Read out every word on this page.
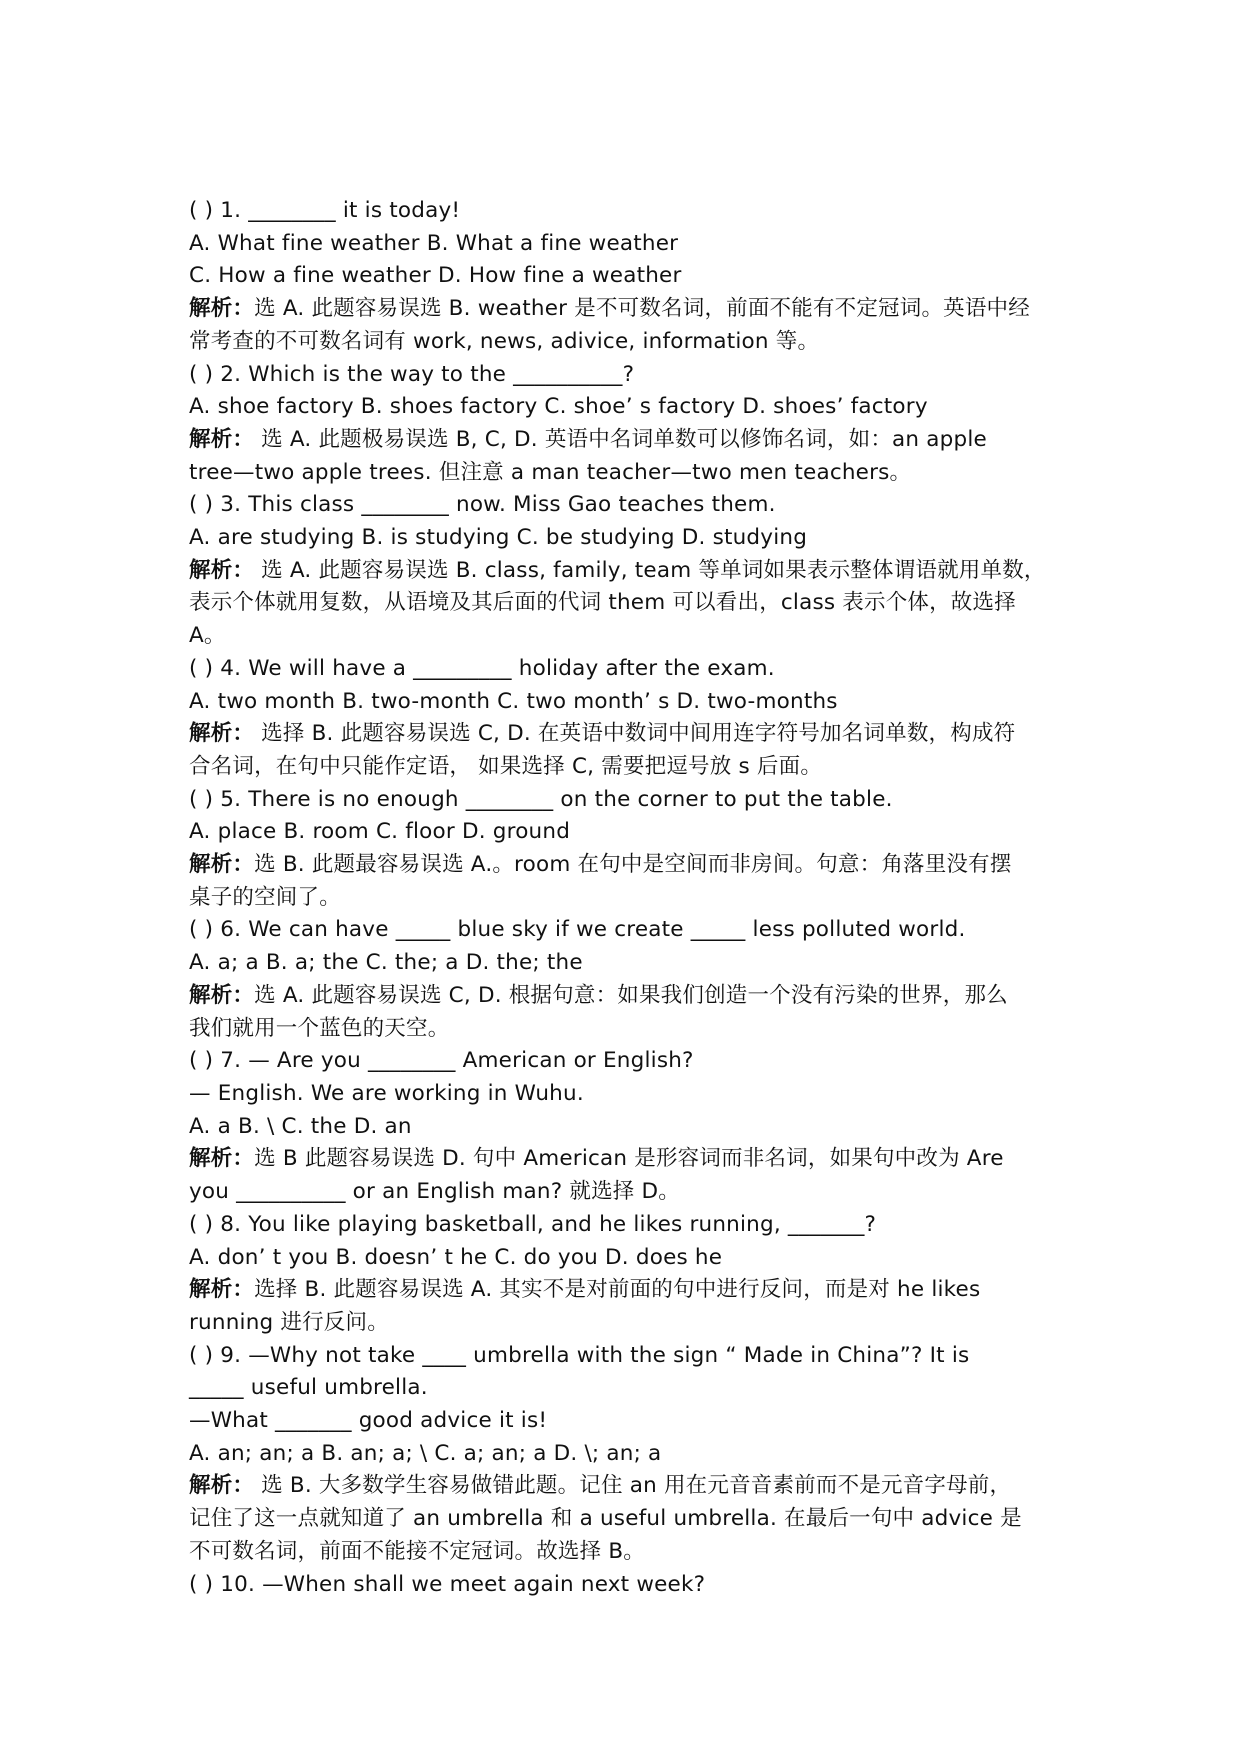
( ) 1. ________ it is today!
A. What fine weather B. What a fine weather
C. How a fine weather D. How fine a weather
解析：选 A. 此题容易误选 B. weather 是不可数名词，前面不能有不定冠词。英语中经
常考查的不可数名词有 work, news, adivice, information 等。
( ) 2. Which is the way to the __________?
A. shoe factory B. shoes factory C. shoe’ s factory D. shoes’ factory
解析： 选 A. 此题极易误选 B, C, D. 英语中名词单数可以修饰名词，如：an apple
tree—two apple trees. 但注意 a man teacher—two men teachers。
( ) 3. This class ________ now. Miss Gao teaches them.
A. are studying B. is studying C. be studying D. studying
解析： 选 A. 此题容易误选 B. class, family, team 等单词如果表示整体谓语就用单数，
表示个体就用复数，从语境及其后面的代词 them 可以看出，class 表示个体，故选择
A。
( ) 4. We will have a _________ holiday after the exam.
A. two month B. two-month C. two month’ s D. two-months
解析： 选择 B. 此题容易误选 C, D. 在英语中数词中间用连字符号加名词单数，构成符
合名词，在句中只能作定语， 如果选择 C, 需要把逗号放 s 后面。
( ) 5. There is no enough ________ on the corner to put the table.
A. place B. room C. floor D. ground
解析：选 B. 此题最容易误选 A.。room 在句中是空间而非房间。句意：角落里没有摆
桌子的空间了。
( ) 6. We can have _____ blue sky if we create _____ less polluted world.
A. a; a B. a; the C. the; a D. the; the
解析：选 A. 此题容易误选 C, D. 根据句意：如果我们创造一个没有污染的世界，那么
我们就用一个蓝色的天空。
( ) 7. — Are you ________ American or English?
— English. We are working in Wuhu.
A. a B. \ C. the D. an
解析：选 B 此题容易误选 D. 句中 American 是形容词而非名词，如果句中改为 Are
you __________ or an English man? 就选择 D。
( ) 8. You like playing basketball, and he likes running, _______?
A. don’ t you B. doesn’ t he C. do you D. does he
解析：选择 B. 此题容易误选 A. 其实不是对前面的句中进行反问，而是对 he likes
running 进行反问。
( ) 9. —Why not take ____ umbrella with the sign “ Made in China”? It is
_____ useful umbrella.
—What _______ good advice it is!
A. an; an; a B. an; a; \ C. a; an; a D. \; an; a
解析： 选 B. 大多数学生容易做错此题。记住 an 用在元音音素前而不是元音字母前，
记住了这一点就知道了 an umbrella 和 a useful umbrella. 在最后一句中 advice 是
不可数名词，前面不能接不定冠词。故选择 B。
( ) 10. —When shall we meet again next week?
